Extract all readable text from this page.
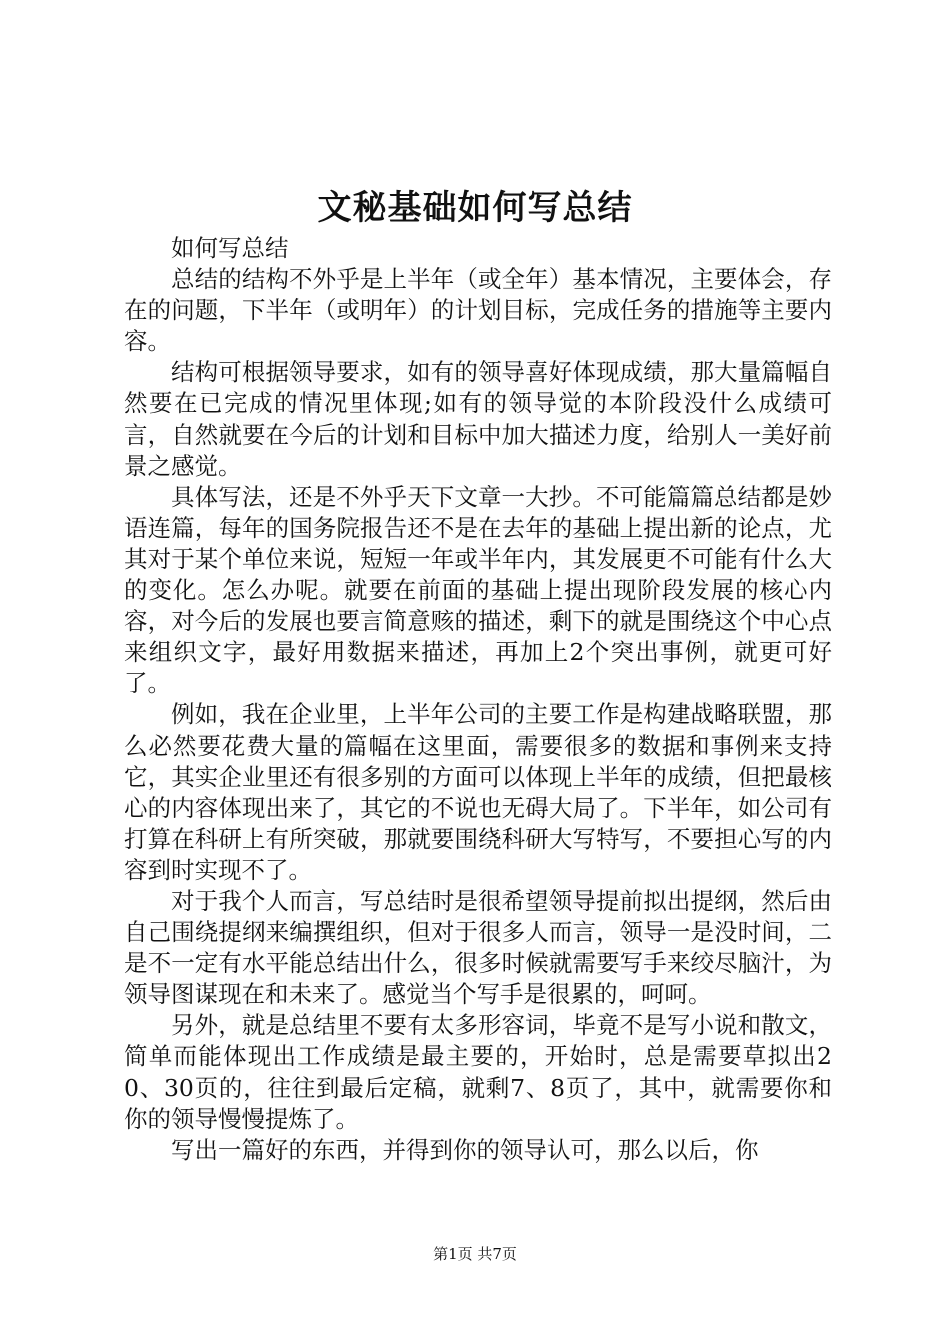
文秘基础如何写总结

如何写总结

总结的结构不外乎是上半年（或全年）基本情况，主要体会，存在的问题，下半年（或明年）的计划目标，完成任务的措施等主要内容。

结构可根据领导要求，如有的领导喜好体现成绩，那大量篇幅自然要在已完成的情况里体现;如有的领导觉的本阶段没什么成绩可言，自然就要在今后的计划和目标中加大描述力度，给别人一美好前景之感觉。

具体写法，还是不外乎天下文章一大抄。不可能篇篇总结都是妙语连篇，每年的国务院报告还不是在去年的基础上提出新的论点，尤其对于某个单位来说，短短一年或半年内，其发展更不可能有什么大的变化。怎么办呢。就要在前面的基础上提出现阶段发展的核心内容，对今后的发展也要言简意赅的描述，剩下的就是围绕这个中心点来组织文字，最好用数据来描述，再加上2个突出事例，就更可好了。

例如，我在企业里，上半年公司的主要工作是构建战略联盟，那么必然要花费大量的篇幅在这里面，需要很多的数据和事例来支持它，其实企业里还有很多别的方面可以体现上半年的成绩，但把最核心的内容体现出来了，其它的不说也无碍大局了。下半年，如公司有打算在科研上有所突破，那就要围绕科研大写特写，不要担心写的内容到时实现不了。

对于我个人而言，写总结时是很希望领导提前拟出提纲，然后由自己围绕提纲来编撰组织，但对于很多人而言，领导一是没时间，二是不一定有水平能总结出什么，很多时候就需要写手来绞尽脑汁，为领导图谋现在和未来了。感觉当个写手是很累的，呵呵。

另外，就是总结里不要有太多形容词，毕竟不是写小说和散文，简单而能体现出工作成绩是最主要的，开始时，总是需要草拟出20、30页的，往往到最后定稿，就剩7、8页了，其中，就需要你和你的领导慢慢提炼了。

写出一篇好的东西，并得到你的领导认可，那么以后，你

第1页 共7页
